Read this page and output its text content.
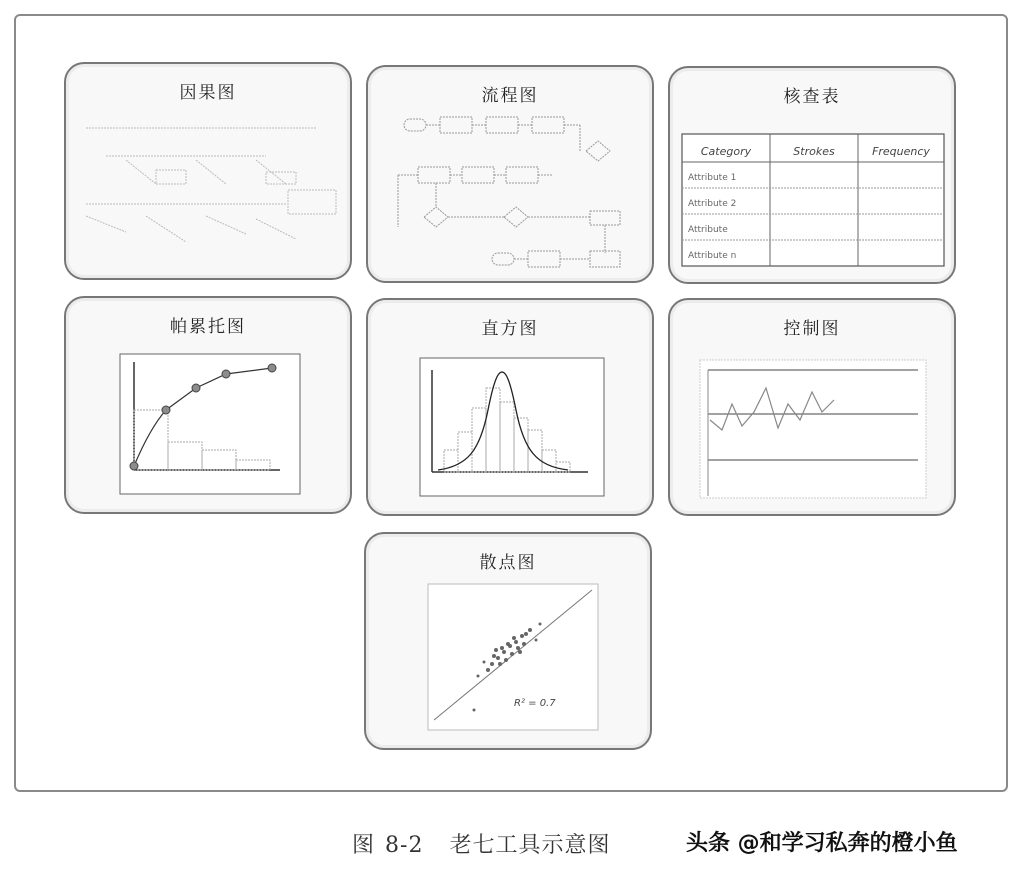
因果图	流程图	核查表
Category	Strokes	Frequency
Attribute 1
Attribute 2
Attribute
Attribute n
帕累托图	直方图	控制图
散点图
R² = 0.7
图 8-2 老七工具示意图	头条 @和学习私奔的橙小鱼
